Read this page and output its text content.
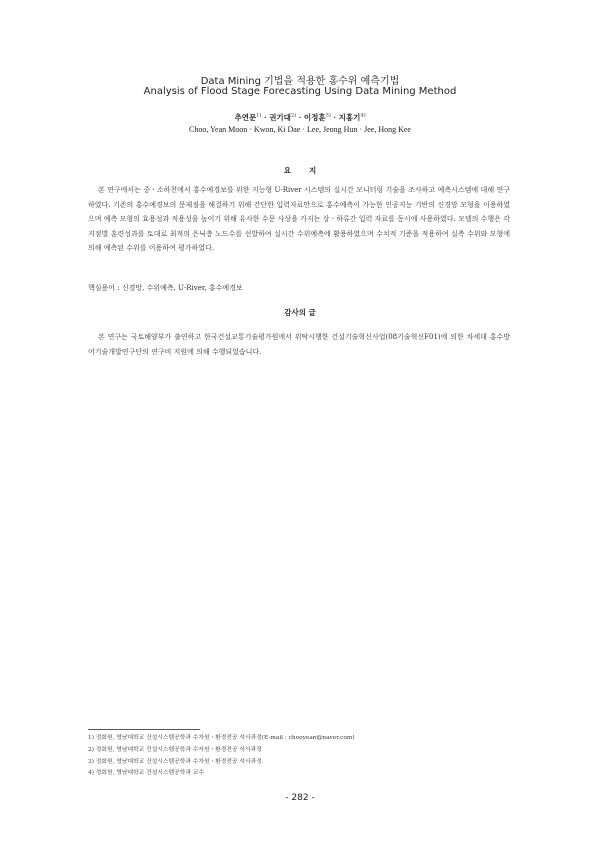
Data Mining 기법을 적용한 홍수위 예측기법
Analysis of Flood Stage Forecasting Using Data Mining Method
추연문$^{1)}$ · 권기대$^{2)}$ · 이정훈$^{3)}$ · 지홍기$^{4)}$
Choo, Yean Moon · Kwon, Ki Dae · Lee, Jeong Hun · Jee, Hong Kee
요지

본 연구에서는 중ㆍ소하천에서 홍수예경보를 위한 지능형 U-River 시스템의 실시간 모니터링 기술을 조사하고 예측시스템에 대해 연구하였다. 기존의 홍수예경보의 문제점을 해결하기 위해 간단한 입력자료만으로 홍수예측이 가능한 인공지능 기반의 신경망 모형을 이용하였으며 예측 모형의 효용성과 적용성을 높이기 위해 유사한 수문 사상을 가지는 상ㆍ하류간 입력 자료를 동시에 사용하였다. 모델의 수행은 각 지점별 훈련성과를 토대로 최적의 은닉층 노드수를 선발하여 실시간 수위예측에 활용하였으며 수치적 기준을 적용하여 실측 수위와 모형에 의해 예측된 수위를 이용하여 평가하였다.

핵심용어 : 신경망, 수위예측, U-River, 홍수예경보
감사의 글

본 연구는 국토해양부가 출연하고 한국건설교통기술평가원에서 위탁시행한 건설기술혁신사업(08기술혁신F01)에 의한 차세대 홍수방어기술개발연구단의 연구비 지원에 의해 수행되었습니다.

1) 정회원, 영남대학교 건설시스템공학과 수자원ㆍ환경전공 석사과정(E-mail : chooyean@naver.com)
2) 정회원, 영남대학교 건설시스템공학과 수자원ㆍ환경전공 석사과정
3) 정회원, 영남대학교 건설시스템공학과 수자원ㆍ환경전공 석사과정
4) 정회원, 영남대학교 건설시스템공학과 교수
- 282 -
